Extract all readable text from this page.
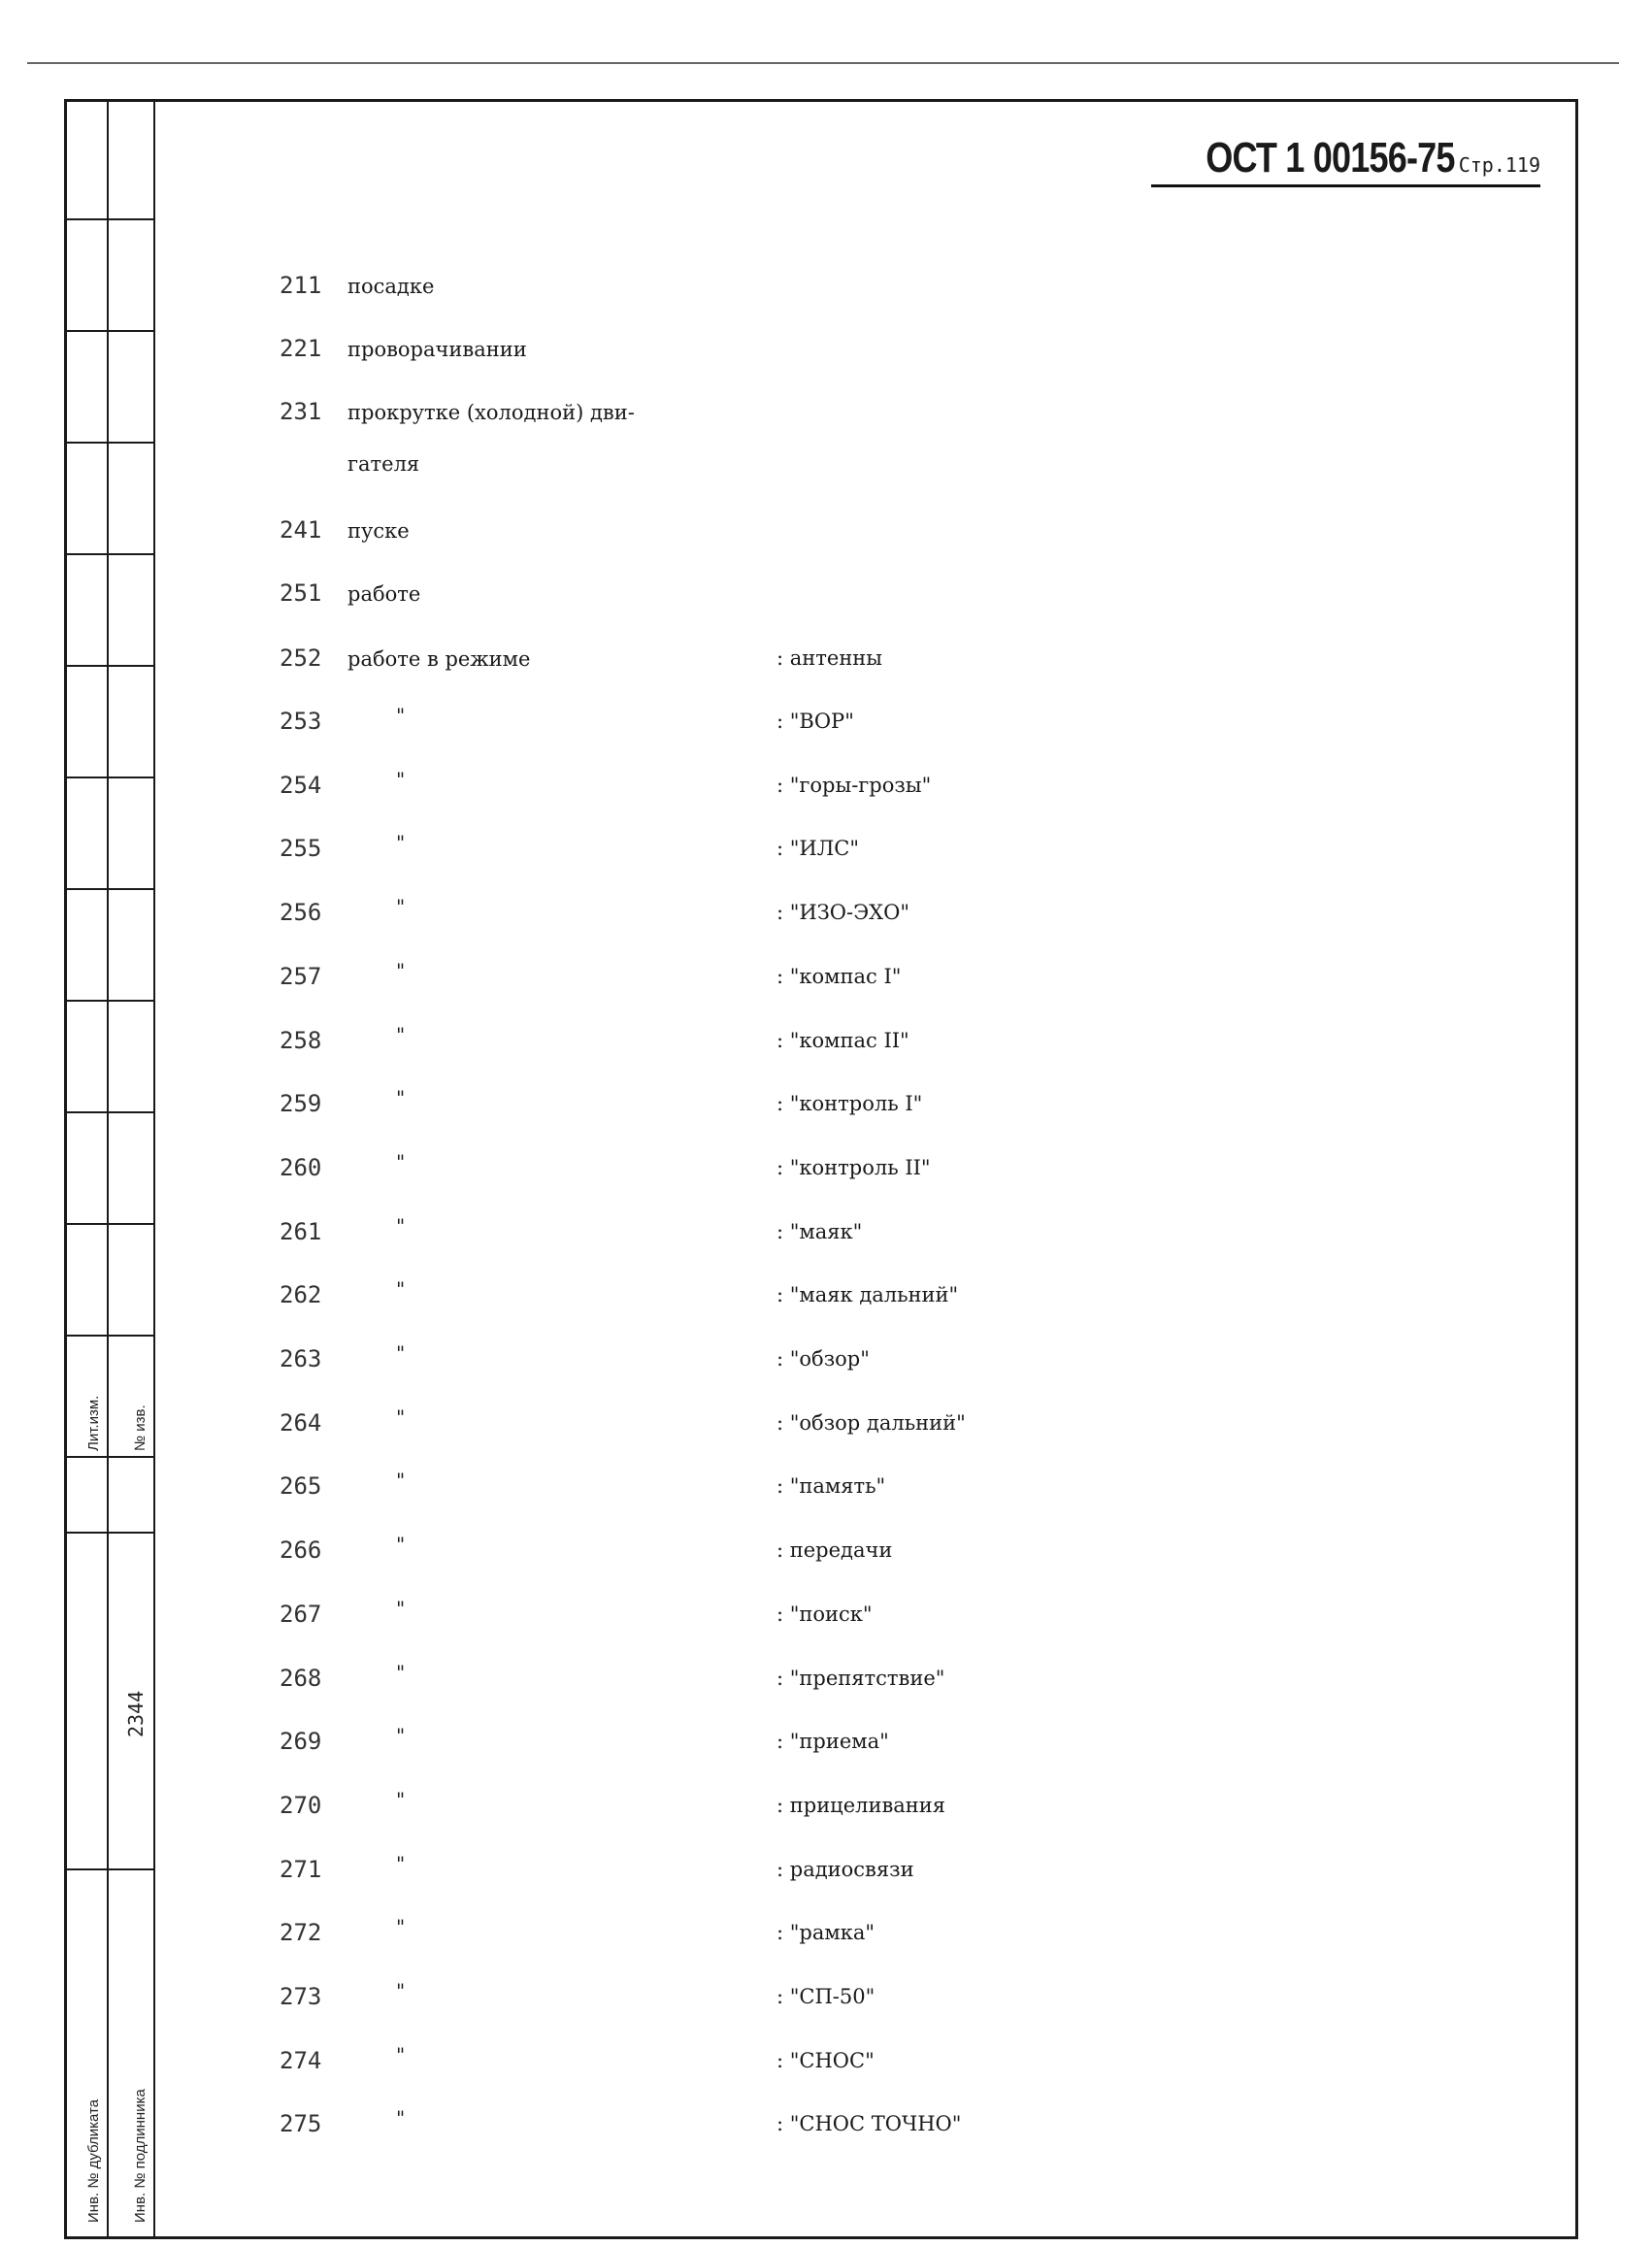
Лит.изм. № изв.
2344
Инв. № дубликата Инв. № подлинника
ОСТ 1 00156-75 Стр.119
211 посадке
221 проворачивании
231 прокрутке (холодной) дви-
гателя
241 пуске
251 работе
252 работе в режиме	: антенны
253	"	: "ВОР"
254	"	: "горы-грозы"
255	"	: "ИЛС"
256	"	: "ИЗО-ЭХО"
257	"	: "компас I"
258	"	: "компас II"
259	"	: "контроль I"
260	"	: "контроль II"
261	"	: "маяк"
262	"	: "маяк дальний"
263	"	: "обзор"
264	"	: "обзор дальний"
265	"	: "память"
266	"	: передачи
267	"	: "поиск"
268	"	: "препятствие"
269	"	: "приема"
270	"	: прицеливания
271	"	: радиосвязи
272	"	: "рамка"
273	"	: "СП-50"
274	"	: "СНОС"
275	"	: "СНОС ТОЧНО"
